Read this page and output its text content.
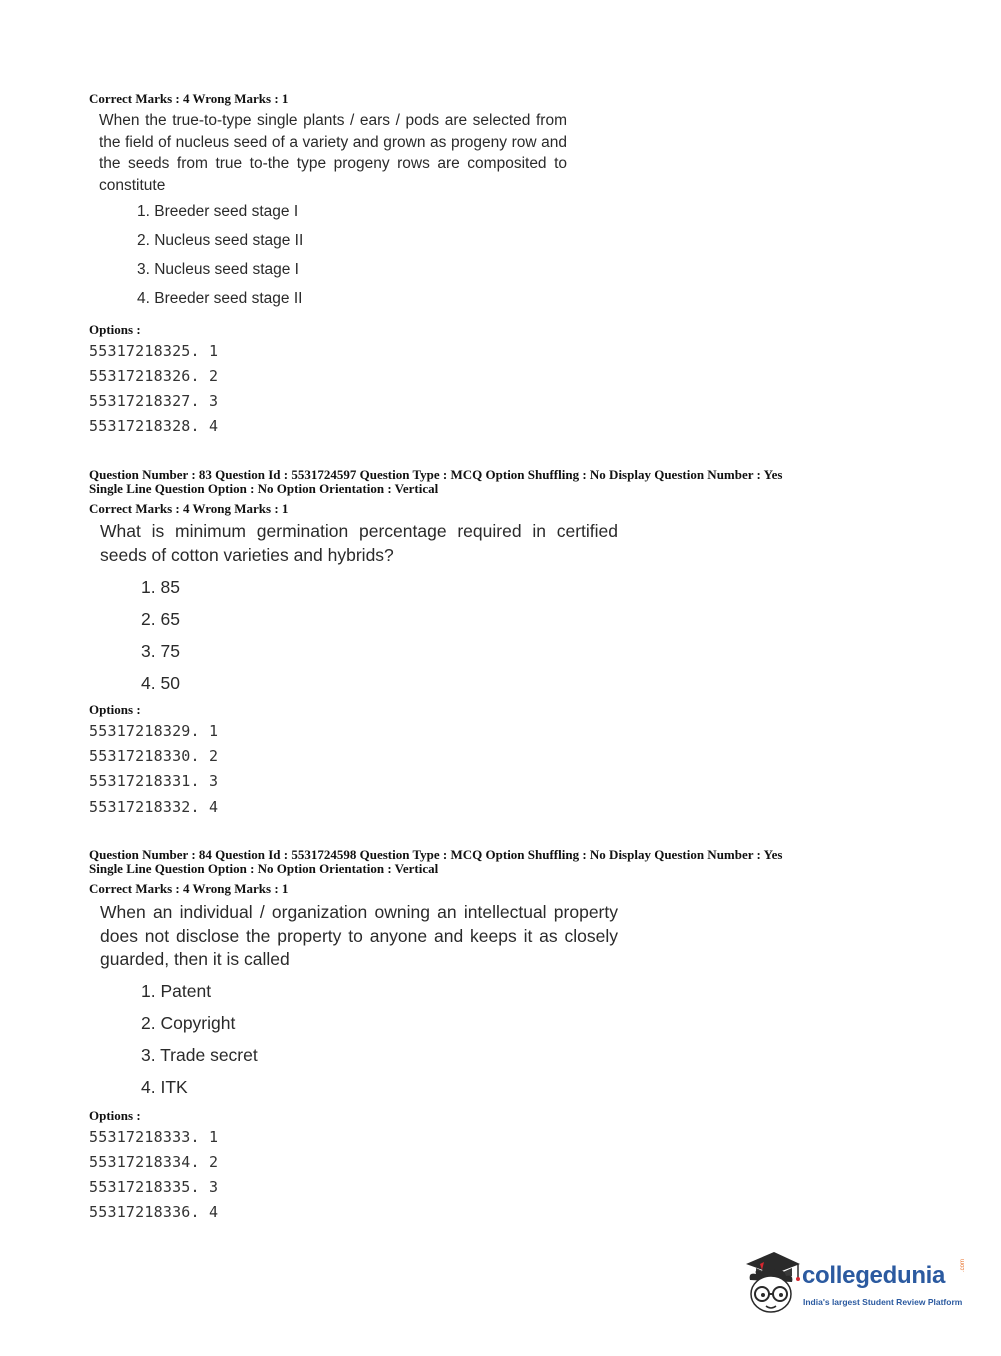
Correct Marks : 4 Wrong Marks : 1
When the true-to-type single plants / ears / pods are selected from
the field of nucleus seed of a variety and grown as progeny row and
the seeds from true to-the type progeny rows are composited to
constitute
1. Breeder seed stage I
2. Nucleus seed stage II
3. Nucleus seed stage I
4. Breeder seed stage II
Options :
55317218325. 1
55317218326. 2
55317218327. 3
55317218328. 4
Question Number : 83 Question Id : 5531724597 Question Type : MCQ Option Shuffling : No Display Question Number : Yes
Single Line Question Option : No Option Orientation : Vertical
Correct Marks : 4 Wrong Marks : 1
What is minimum germination percentage required in certified
seeds of cotton varieties and hybrids?
1. 85
2. 65
3. 75
4. 50
Options :
55317218329. 1
55317218330. 2
55317218331. 3
55317218332. 4
Question Number : 84 Question Id : 5531724598 Question Type : MCQ Option Shuffling : No Display Question Number : Yes
Single Line Question Option : No Option Orientation : Vertical
Correct Marks : 4 Wrong Marks : 1
When an individual / organization owning an intellectual property
does not disclose the property to anyone and keeps it as closely
guarded, then it is called
1. Patent
2. Copyright
3. Trade secret
4. ITK
Options :
55317218333. 1
55317218334. 2
55317218335. 3
55317218336. 4
collegedunia .com
India's largest Student Review Platform
